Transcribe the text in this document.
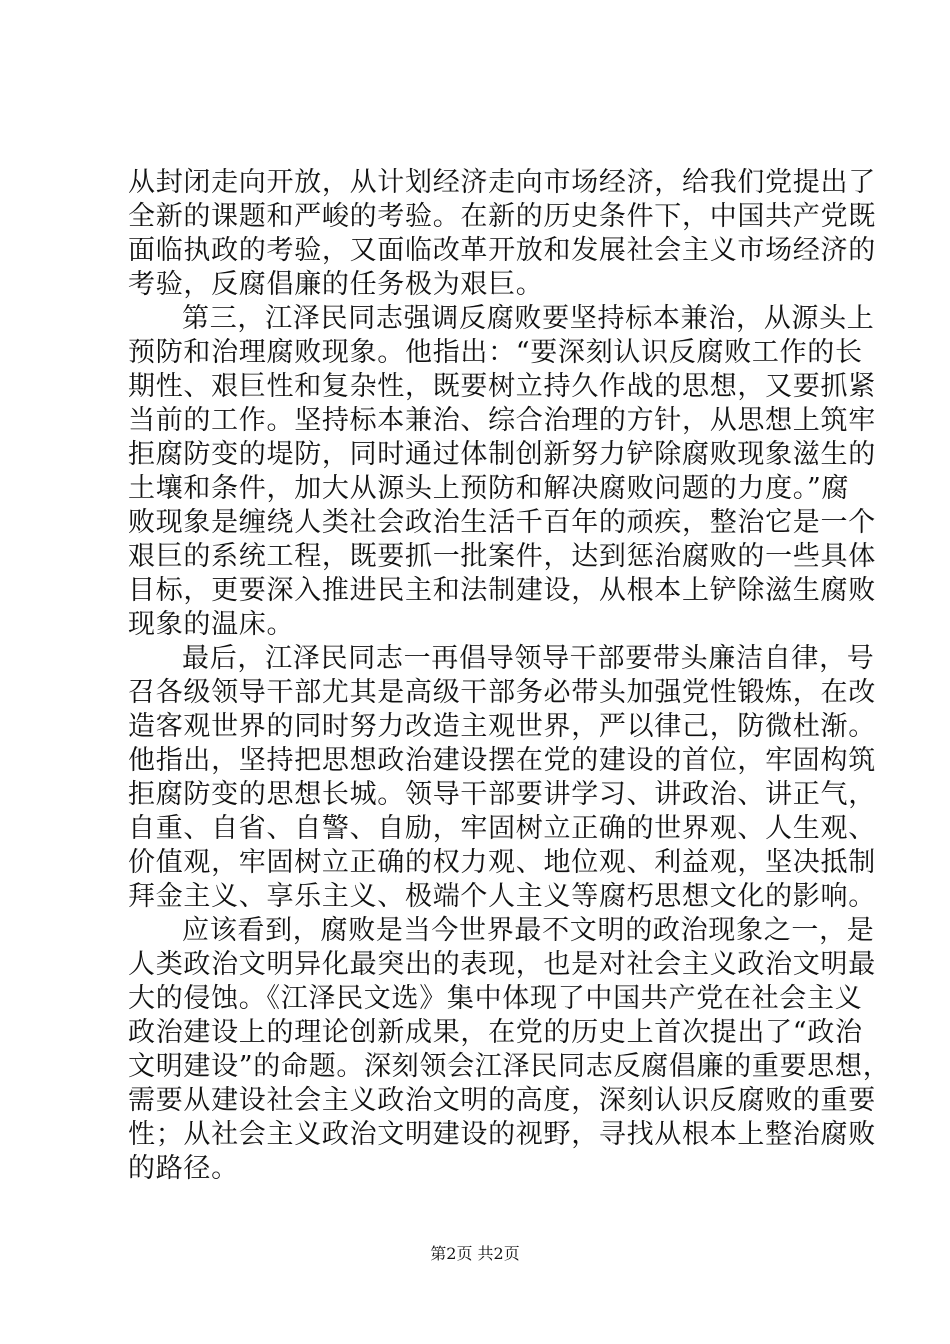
从封闭走向开放，从计划经济走向市场经济，给我们党提出了
全新的课题和严峻的考验。在新的历史条件下，中国共产党既
面临执政的考验，又面临改革开放和发展社会主义市场经济的
考验，反腐倡廉的任务极为艰巨。
第三，江泽民同志强调反腐败要坚持标本兼治，从源头上
预防和治理腐败现象。他指出：“要深刻认识反腐败工作的长
期性、艰巨性和复杂性，既要树立持久作战的思想，又要抓紧
当前的工作。坚持标本兼治、综合治理的方针，从思想上筑牢
拒腐防变的堤防，同时通过体制创新努力铲除腐败现象滋生的
土壤和条件，加大从源头上预防和解决腐败问题的力度。”腐
败现象是缠绕人类社会政治生活千百年的顽疾，整治它是一个
艰巨的系统工程，既要抓一批案件，达到惩治腐败的一些具体
目标，更要深入推进民主和法制建设，从根本上铲除滋生腐败
现象的温床。
最后，江泽民同志一再倡导领导干部要带头廉洁自律，号
召各级领导干部尤其是高级干部务必带头加强党性锻炼，在改
造客观世界的同时努力改造主观世界，严以律己，防微杜渐。
他指出，坚持把思想政治建设摆在党的建设的首位，牢固构筑
拒腐防变的思想长城。领导干部要讲学习、讲政治、讲正气，
自重、自省、自警、自励，牢固树立正确的世界观、人生观、
价值观，牢固树立正确的权力观、地位观、利益观，坚决抵制
拜金主义、享乐主义、极端个人主义等腐朽思想文化的影响。
应该看到，腐败是当今世界最不文明的政治现象之一，是
人类政治文明异化最突出的表现，也是对社会主义政治文明最
大的侵蚀。《江泽民文选》集中体现了中国共产党在社会主义
政治建设上的理论创新成果，在党的历史上首次提出了“政治
文明建设”的命题。深刻领会江泽民同志反腐倡廉的重要思想，
需要从建设社会主义政治文明的高度，深刻认识反腐败的重要
性；从社会主义政治文明建设的视野，寻找从根本上整治腐败
的路径。
第2页 共2页
